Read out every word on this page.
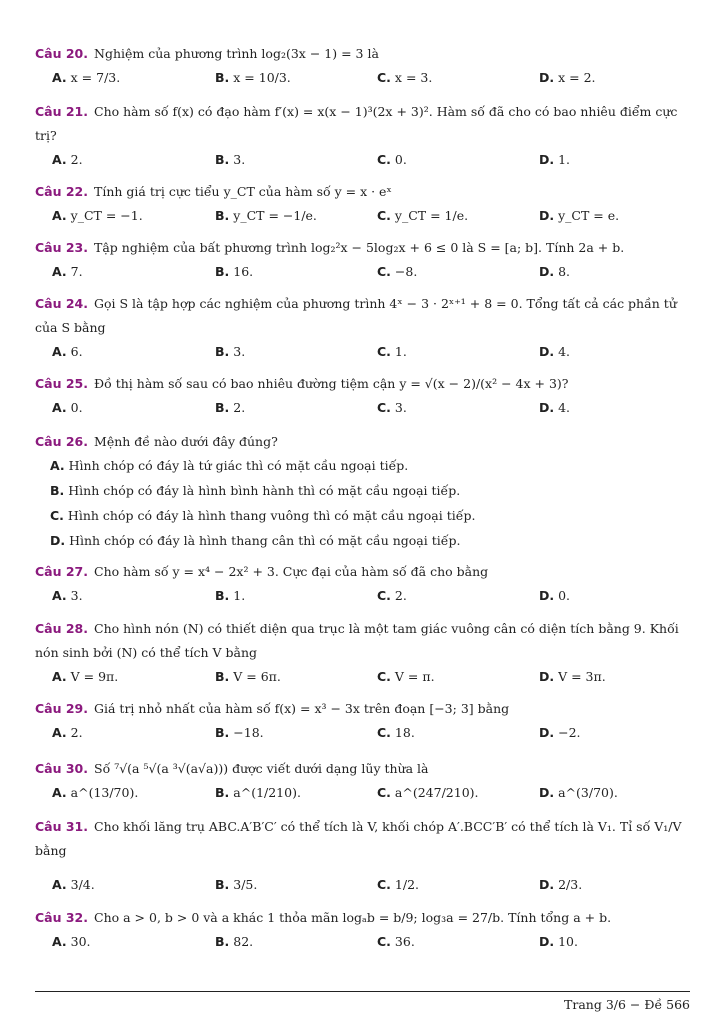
Câu 20. Nghiệm của phương trình log₂(3x − 1) = 3 là
A. x = 7/3.	B. x = 10/3.	C. x = 3.	D. x = 2.
Câu 21. Cho hàm số f(x) có đạo hàm f′(x) = x(x − 1)³(2x + 3)². Hàm số đã cho có bao nhiêu điểm cực trị?
A. 2.	B. 3.	C. 0.	D. 1.
Câu 22. Tính giá trị cực tiểu y_CT của hàm số y = x · eˣ
A. y_CT = −1.	B. y_CT = −1/e.	C. y_CT = 1/e.	D. y_CT = e.
Câu 23. Tập nghiệm của bất phương trình log₂²x − 5log₂x + 6 ≤ 0 là S = [a; b]. Tính 2a + b.
A. 7.	B. 16.	C. −8.	D. 8.
Câu 24. Gọi S là tập hợp các nghiệm của phương trình 4ˣ − 3 · 2ˣ⁺¹ + 8 = 0. Tổng tất cả các phần tử của S bằng
A. 6.	B. 3.	C. 1.	D. 4.
Câu 25. Đồ thị hàm số sau có bao nhiêu đường tiệm cận y = √(x − 2)/(x² − 4x + 3)?
A. 0.	B. 2.	C. 3.	D. 4.
Câu 26. Mệnh đề nào dưới đây đúng?
A. Hình chóp có đáy là tứ giác thì có mặt cầu ngoại tiếp.
B. Hình chóp có đáy là hình bình hành thì có mặt cầu ngoại tiếp.
C. Hình chóp có đáy là hình thang vuông thì có mặt cầu ngoại tiếp.
D. Hình chóp có đáy là hình thang cân thì có mặt cầu ngoại tiếp.
Câu 27. Cho hàm số y = x⁴ − 2x² + 3. Cực đại của hàm số đã cho bằng
A. 3.	B. 1.	C. 2.	D. 0.
Câu 28. Cho hình nón (N) có thiết diện qua trục là một tam giác vuông cân có diện tích bằng 9. Khối nón sinh bởi (N) có thể tích V bằng
A. V = 9π.	B. V = 6π.	C. V = π.	D. V = 3π.
Câu 29. Giá trị nhỏ nhất của hàm số f(x) = x³ − 3x trên đoạn [−3; 3] bằng
A. 2.	B. −18.	C. 18.	D. −2.
Câu 30. Số ⁷√(a ⁵√(a ³√(a√a))) được viết dưới dạng lũy thừa là
A. a^(13/70).	B. a^(1/210).	C. a^(247/210).	D. a^(3/70).
Câu 31. Cho khối lăng trụ ABC.A′B′C′ có thể tích là V, khối chóp A′.BCC′B′ có thể tích là V₁. Tỉ số V₁/V bằng
A. 3/4.	B. 3/5.	C. 1/2.	D. 2/3.
Câu 32. Cho a > 0, b > 0 và a khác 1 thỏa mãn logₐb = b/9; log₃a = 27/b. Tính tổng a + b.
A. 30.	B. 82.	C. 36.	D. 10.
Trang 3/6 − Đề 566
